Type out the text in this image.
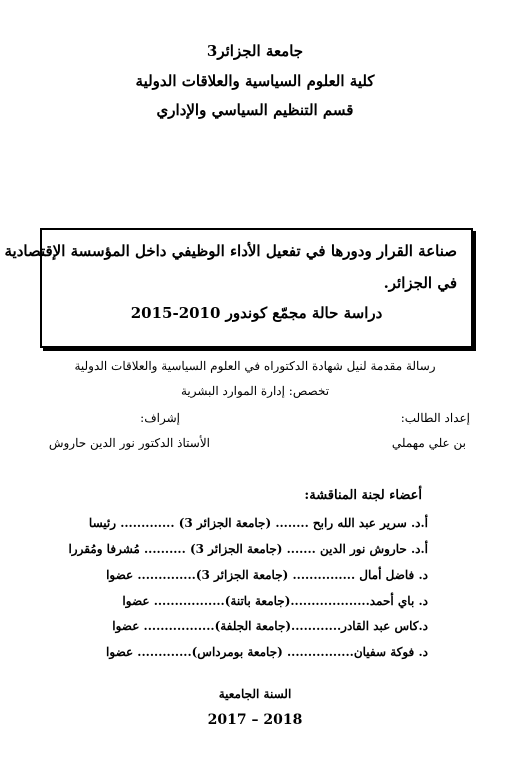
جامعة الجزائر3
كلية العلوم السياسية والعلاقات الدولية
قسم التنظيم السياسي والإداري
صناعة القرار ودورها في تفعيل الأداء الوظيفي داخل المؤسسة الإقتصادية
في الجزائر.
دراسة حالة مجمّع كوندور 2010-2015
رسالة مقدمة لنيل شهادة الدكتوراه في العلوم السياسية والعلاقات الدولية
تخصص: إدارة الموارد البشرية
إعداد الطالب:
إشراف:
بن علي مهملي
الأستاذ الدكتور نور الدين حاروش
أعضاء لجنة المناقشة:
أ.د. سرير عبد الله رابح ........ (جامعة الجزائر 3) ............. رئيسا
أ.د. حاروش نور الدين ....... (جامعة الجزائر 3) .......... مُشرفا ومُقررا
د. فاضل أمال ............... (جامعة الجزائر 3).............. عضوا
د. باي أحمد...................(جامعة باتنة)................. عضوا
د.كاس عبد القادر............(جامعة الجلفة)................. عضوا
د. فوكة سفيان................ (جامعة بومرداس)............. عضوا
السنة الجامعية
2018 – 2017
